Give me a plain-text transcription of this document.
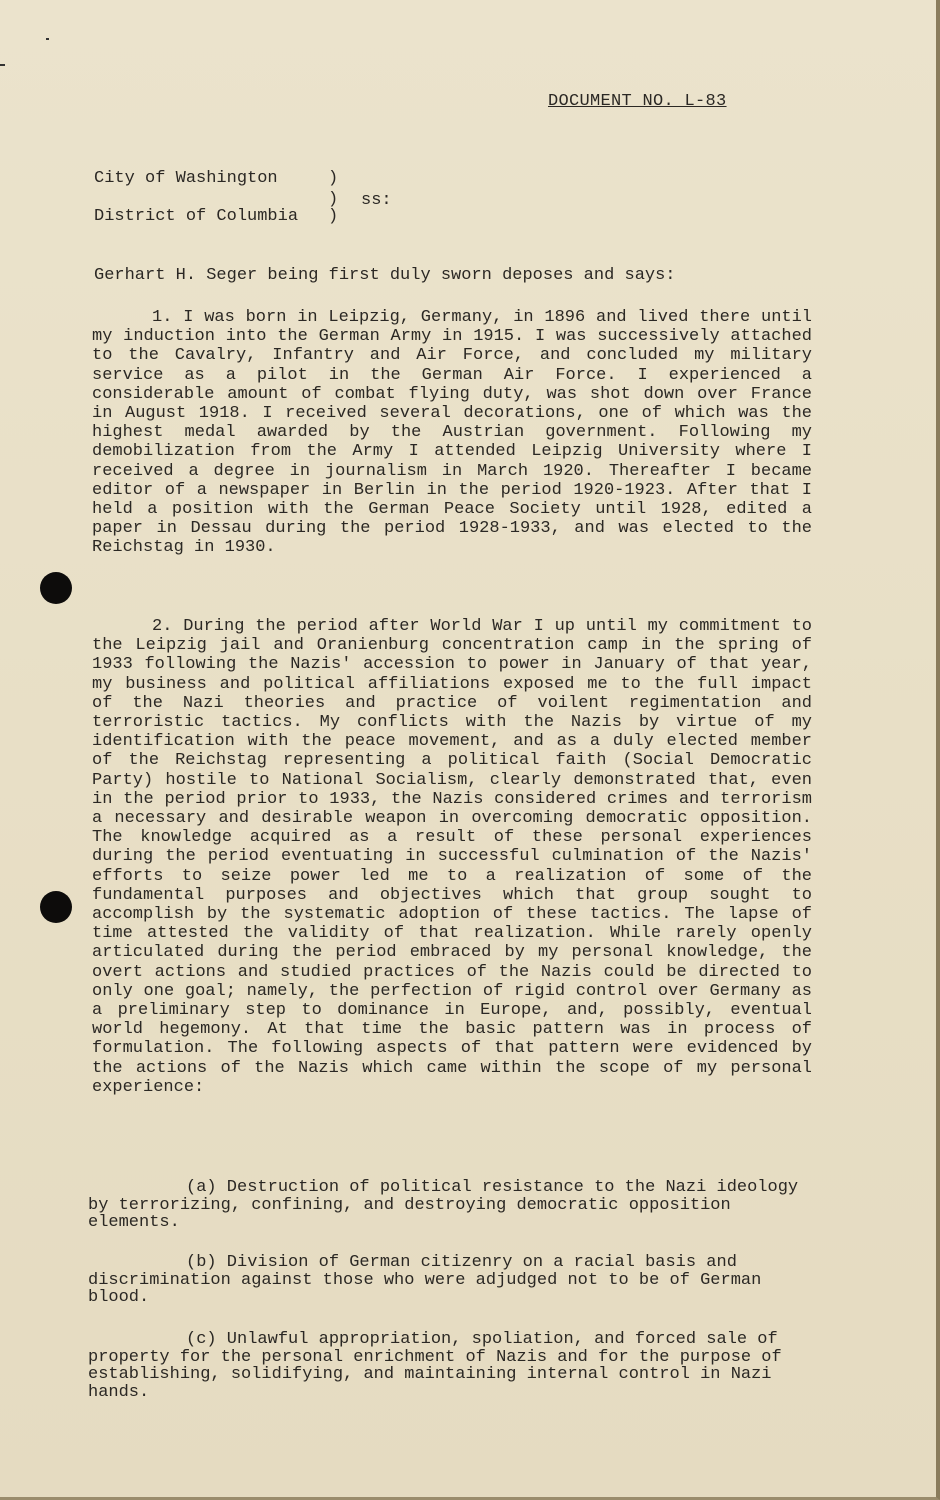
DOCUMENT NO. L-83
City of Washington	)
) ss:
District of Columbia )
Gerhart H. Seger being first duly sworn deposes and says:
1. I was born in Leipzig, Germany, in 1896 and lived there until my induction into the German Army in 1915. I was successively attached to the Cavalry, Infantry and Air Force, and concluded my military service as a pilot in the German Air Force. I experienced a considerable amount of combat flying duty, was shot down over France in August 1918. I received several decorations, one of which was the highest medal awarded by the Austrian government. Following my demobilization from the Army I attended Leipzig University where I received a degree in journalism in March 1920. Thereafter I became editor of a newspaper in Berlin in the period 1920-1923. After that I held a position with the German Peace Society until 1928, edited a paper in Dessau during the period 1928-1933, and was elected to the Reichstag in 1930.
2. During the period after World War I up until my commitment to the Leipzig jail and Oranienburg concentration camp in the spring of 1933 following the Nazis' accession to power in January of that year, my business and political affiliations exposed me to the full impact of the Nazi theories and practice of voilent regimentation and terroristic tactics. My conflicts with the Nazis by virtue of my identification with the peace movement, and as a duly elected member of the Reichstag representing a political faith (Social Democratic Party) hostile to National Socialism, clearly demonstrated that, even in the period prior to 1933, the Nazis considered crimes and terrorism a necessary and desirable weapon in overcoming democratic opposition. The knowledge acquired as a result of these personal experiences during the period eventuating in successful culmination of the Nazis' efforts to seize power led me to a realization of some of the fundamental purposes and objectives which that group sought to accomplish by the systematic adoption of these tactics. The lapse of time attested the validity of that realization. While rarely openly articulated during the period embraced by my personal knowledge, the overt actions and studied practices of the Nazis could be directed to only one goal; namely, the perfection of rigid control over Germany as a preliminary step to dominance in Europe, and, possibly, eventual world hegemony. At that time the basic pattern was in process of formulation. The following aspects of that pattern were evidenced by the actions of the Nazis which came within the scope of my personal experience:
(a) Destruction of political resistance to the Nazi ideology by terrorizing, confining, and destroying democratic opposition elements.
(b) Division of German citizenry on a racial basis and discrimination against those who were adjudged not to be of German blood.
(c) Unlawful appropriation, spoliation, and forced sale of property for the personal enrichment of Nazis and for the purpose of establishing, solidifying, and maintaining internal control in Nazi hands.
